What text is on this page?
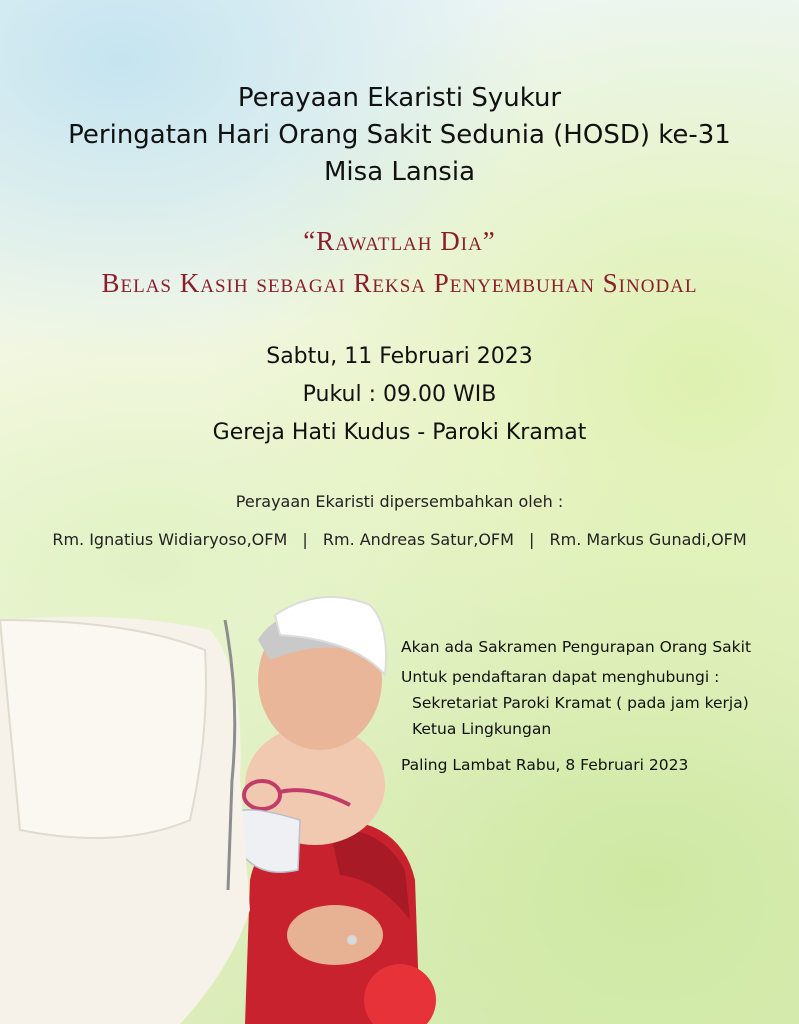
Perayaan Ekaristi Syukur
Peringatan Hari Orang Sakit Sedunia (HOSD) ke-31
Misa Lansia
“Rawatlah Dia”
Belas Kasih sebagai Reksa Penyembuhan Sinodal
Sabtu, 11 Februari 2023
Pukul : 09.00 WIB
Gereja Hati Kudus - Paroki Kramat
Perayaan Ekaristi dipersembahkan oleh :
Rm. Ignatius Widiaryoso,OFM | Rm. Andreas Satur,OFM | Rm. Markus Gunadi,OFM
Akan ada Sakramen Pengurapan Orang Sakit
Untuk pendaftaran dapat menghubungi :
Sekretariat Paroki Kramat ( pada jam kerja)
Ketua Lingkungan
Paling Lambat Rabu, 8 Februari 2023
